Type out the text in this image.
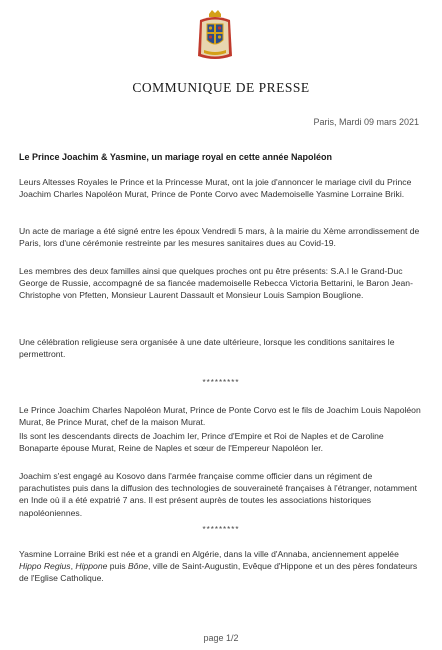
COMMUNIQUE DE PRESSE
Paris, Mardi 09 mars 2021
Le Prince Joachim & Yasmine, un mariage royal en cette année Napoléon

Leurs Altesses Royales le Prince et la Princesse Murat, ont la joie d'annoncer le mariage civil du Prince Joachim Charles Napoléon Murat, Prince de Ponte Corvo avec Mademoiselle Yasmine Lorraine Briki.

Un acte de mariage a été signé entre les époux Vendredi 5 mars, à la mairie du Xème arrondissement de Paris, lors d'une cérémonie restreinte par les mesures sanitaires dues au Covid-19.

Les membres des deux familles ainsi que quelques proches ont pu être présents: S.A.I le Grand-Duc George de Russie, accompagné de sa fiancée mademoiselle Rebecca Victoria Bettarini, le Baron Jean-Christophe von Pfetten, Monsieur Laurent Dassault et Monsieur Louis Sampion Bouglione.

Une célébration religieuse sera organisée à une date ultérieure, lorsque les conditions sanitaires le permettront.

*********

Le Prince Joachim Charles Napoléon Murat, Prince de Ponte Corvo est le fils de Joachim Louis Napoléon Murat, 8e Prince Murat, chef de la maison Murat.

Ils sont les descendants directs de Joachim Ier, Prince d'Empire et Roi de Naples et de Caroline Bonaparte épouse Murat, Reine de Naples et sœur de l'Empereur Napoléon Ier.

Joachim s'est engagé au Kosovo dans l'armée française comme officier dans un régiment de parachutistes puis dans la diffusion des technologies de souveraineté françaises à l'étranger, notamment en Inde où il a été expatrié 7 ans. Il est présent auprès de toutes les associations historiques napoléoniennes.

*********

Yasmine Lorraine Briki est née et a grandi en Algérie, dans la ville d'Annaba, anciennement appelée Hippo Regius, Hippone puis Bône, ville de Saint-Augustin, Evêque d'Hippone et un des pères fondateurs de l'Eglise Catholique.

page 1/2
